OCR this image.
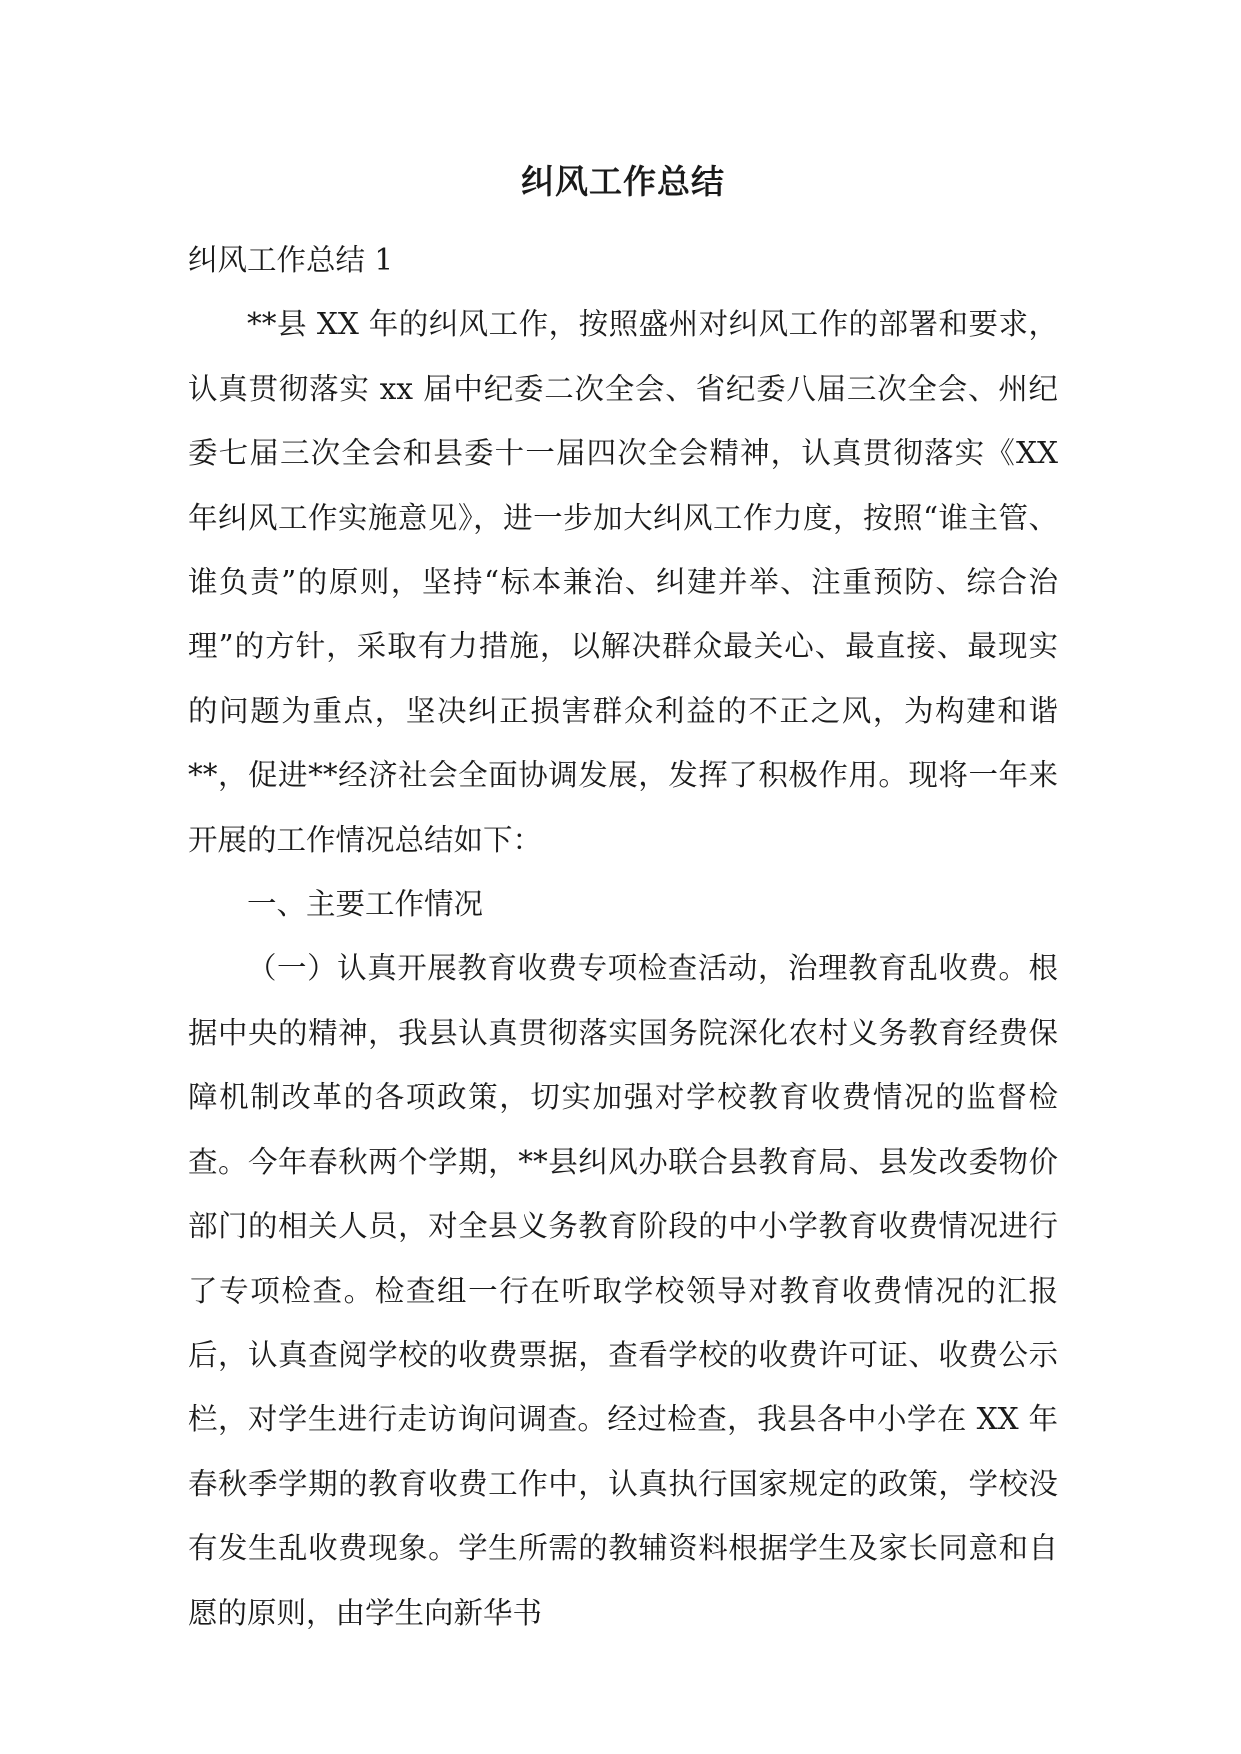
纠风工作总结

纠风工作总结 1

**县 XX 年的纠风工作，按照盛州对纠风工作的部署和要求，认真贯彻落实 xx 届中纪委二次全会、省纪委八届三次全会、州纪委七届三次全会和县委十一届四次全会精神，认真贯彻落实《XX 年纠风工作实施意见》，进一步加大纠风工作力度，按照“谁主管、谁负责”的原则，坚持“标本兼治、纠建并举、注重预防、综合治理”的方针，采取有力措施，以解决群众最关心、最直接、最现实的问题为重点，坚决纠正损害群众利益的不正之风，为构建和谐**，促进**经济社会全面协调发展，发挥了积极作用。现将一年来开展的工作情况总结如下：

一、主要工作情况

（一）认真开展教育收费专项检查活动，治理教育乱收费。根据中央的精神，我县认真贯彻落实国务院深化农村义务教育经费保障机制改革的各项政策，切实加强对学校教育收费情况的监督检查。今年春秋两个学期，**县纠风办联合县教育局、县发改委物价部门的相关人员，对全县义务教育阶段的中小学教育收费情况进行了专项检查。检查组一行在听取学校领导对教育收费情况的汇报后，认真查阅学校的收费票据，查看学校的收费许可证、收费公示栏，对学生进行走访询问调查。经过检查，我县各中小学在 XX 年春秋季学期的教育收费工作中，认真执行国家规定的政策，学校没有发生乱收费现象。学生所需的教辅资料根据学生及家长同意和自愿的原则，由学生向新华书
